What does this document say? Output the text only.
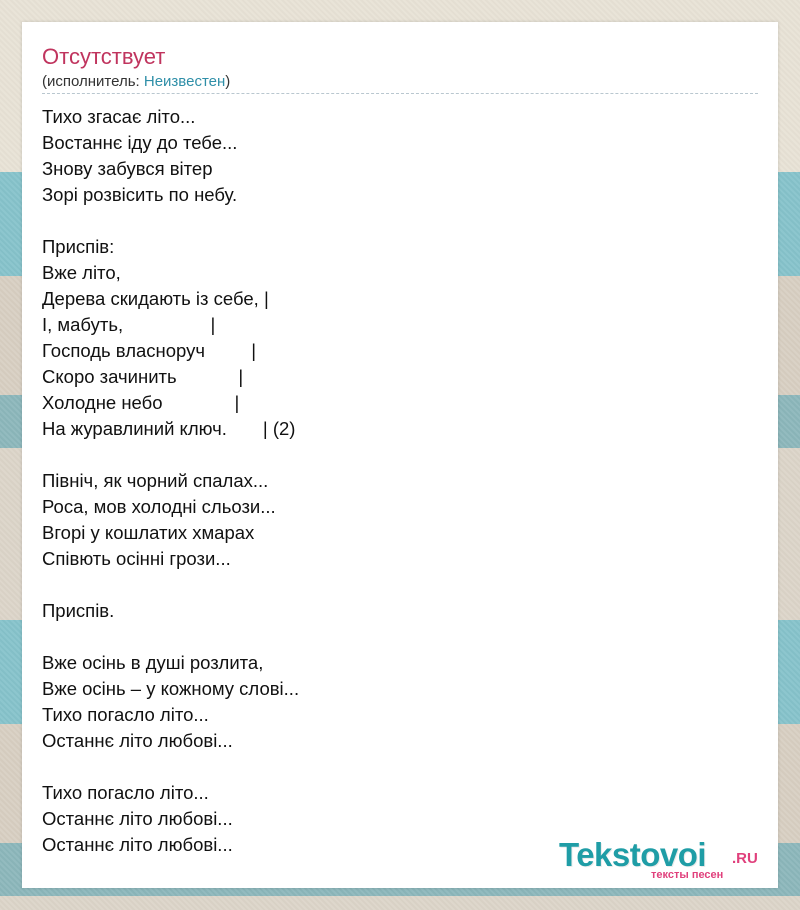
Отсутствует
(исполнитель: Неизвестен)
Тихо згасає літо...
Востаннє іду до тебе...
Знову забувся вітер
Зорі розвісить по небу.
Приспів:
Вже літо,
Дерева скидають із себе, |
І, мабуть,                 |
Господь власноруч         |
Скоро зачинить            |
Холодне небо              |
На журавлиний ключ.       | (2)
Північ, як чорний спалах...
Роса, мов холодні сльози...
Вгорі у кошлатих хмарах
Співють осінні грози...
Приспів.
Вже осінь в душі розлита,
Вже осінь – у кожному слові...
Тихо погасло літо...
Останнє літо любові...
Тихо погасло літо...
Останнє літо любові...
Останнє літо любові...	Tekstovoi .RU
тексты песен
